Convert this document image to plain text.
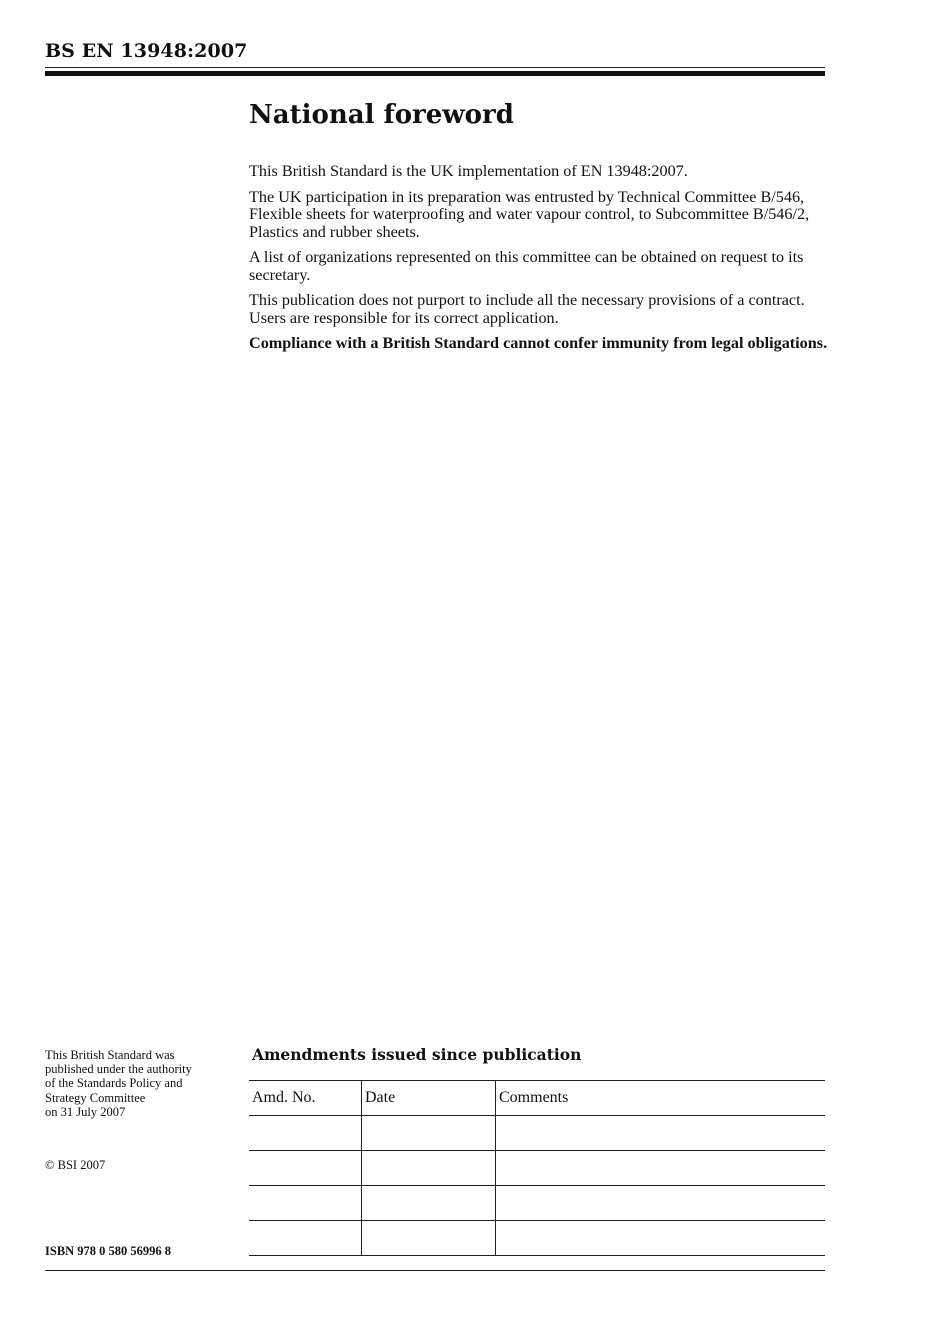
BS EN 13948:2007
National foreword

This British Standard is the UK implementation of EN 13948:2007.

The UK participation in its preparation was entrusted by Technical Committee B/546, Flexible sheets for waterproofing and water vapour control, to Subcommittee B/546/2, Plastics and rubber sheets.

A list of organizations represented on this committee can be obtained on request to its secretary.

This publication does not purport to include all the necessary provisions of a contract. Users are responsible for its correct application.

Compliance with a British Standard cannot confer immunity from legal obligations.

This British Standard was
published under the authority
of the Standards Policy and
Strategy Committee
on 31 July 2007
© BSI 2007
ISBN 978 0 580 56996 8
Amendments issued since publication
Amd. No.	Date	Comments
